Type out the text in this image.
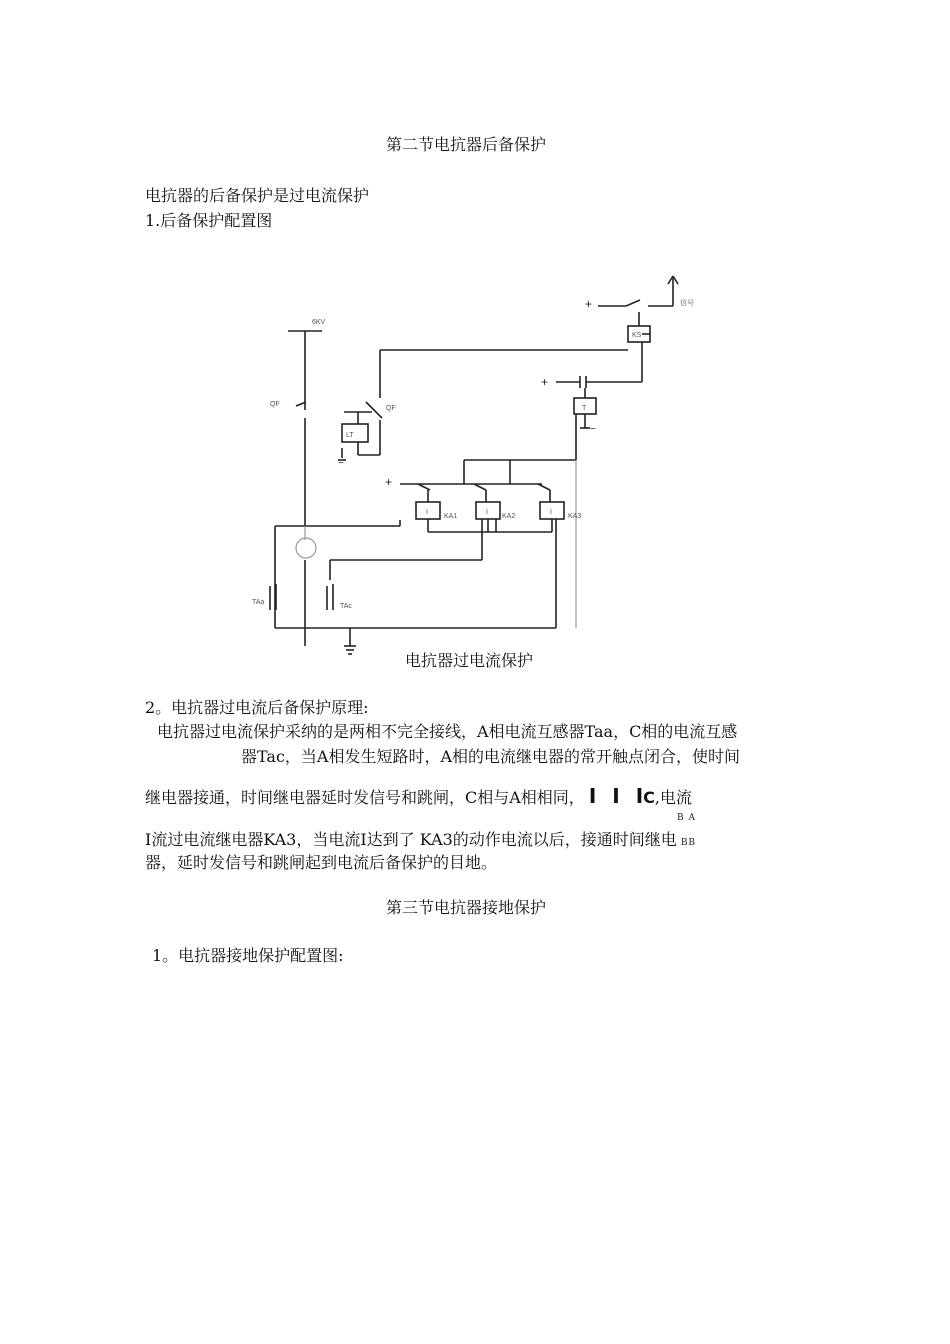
第二节电抗器后备保护
电抗器的后备保护是过电流保护
1.后备保护配置图
6KV
QF
QF
LT
KS
信号
T
I	I	I
KA1	KA2	KA3
TAa
TAc
+
+
+
−
−
电抗器过电流保护
2。电抗器过电流后备保护原理:
电抗器过电流保护采纳的是两相不完全接线，A相电流互感器Taa，C相的电流互感
器Tac，当A相发生短路时，A相的电流继电器的常开触点闭合，使时间
继电器接通，时间继电器延时发信号和跳闸，C相与A相相同， I I IC,电流
B A
I流过电流继电器KA3，当电流I达到了 KA3的动作电流以后，接通时间继电 BB
器，延时发信号和跳闸起到电流后备保护的目地。
第三节电抗器接地保护
1。电抗器接地保护配置图:
